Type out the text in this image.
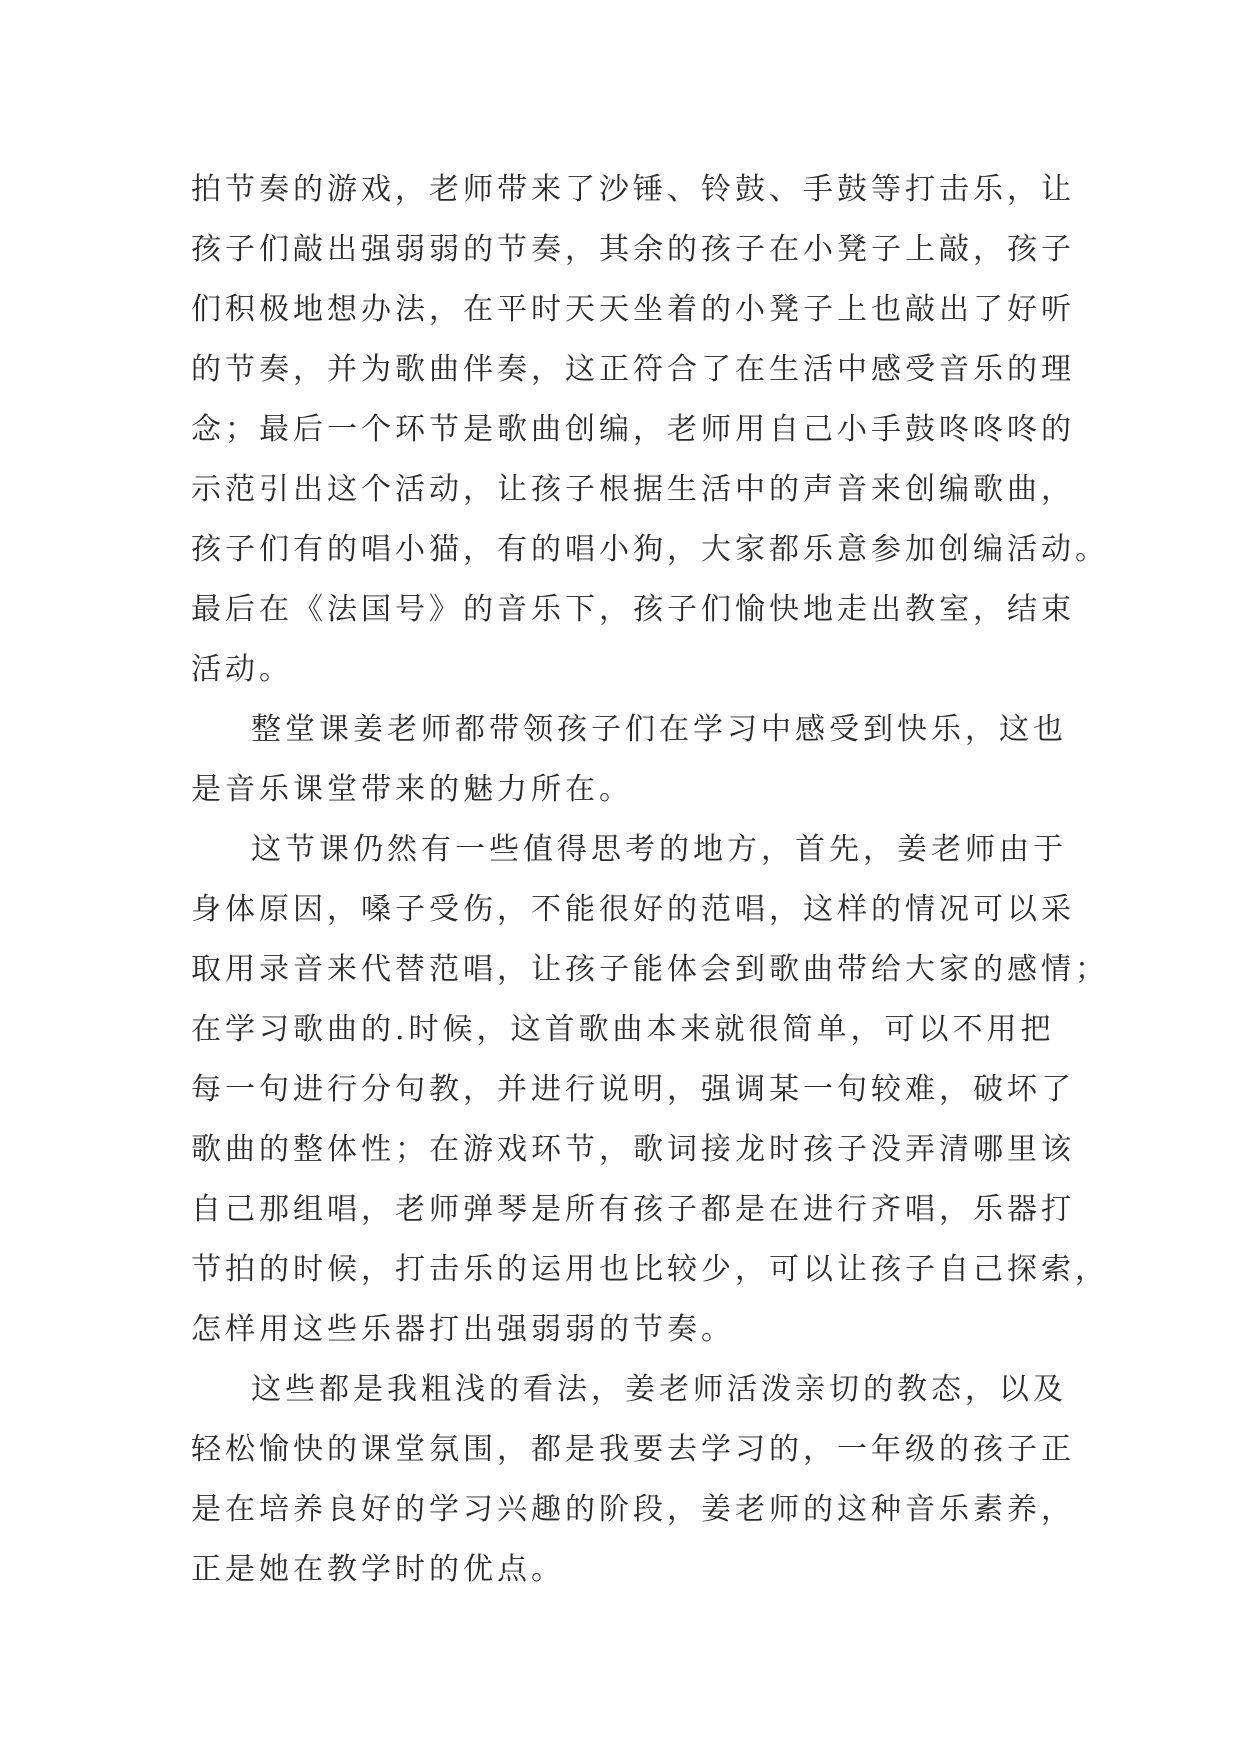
拍节奏的游戏，老师带来了沙锤、铃鼓、手鼓等打击乐，让
孩子们敲出强弱弱的节奏，其余的孩子在小凳子上敲，孩子
们积极地想办法，在平时天天坐着的小凳子上也敲出了好听
的节奏，并为歌曲伴奏，这正符合了在生活中感受音乐的理
念；最后一个环节是歌曲创编，老师用自己小手鼓咚咚咚的
示范引出这个活动，让孩子根据生活中的声音来创编歌曲，
孩子们有的唱小猫，有的唱小狗，大家都乐意参加创编活动。
最后在《法国号》的音乐下，孩子们愉快地走出教室，结束
活动。

整堂课姜老师都带领孩子们在学习中感受到快乐，这也
是音乐课堂带来的魅力所在。

这节课仍然有一些值得思考的地方，首先，姜老师由于
身体原因，嗓子受伤，不能很好的范唱，这样的情况可以采
取用录音来代替范唱，让孩子能体会到歌曲带给大家的感情；
在学习歌曲的.时候，这首歌曲本来就很简单，可以不用把
每一句进行分句教，并进行说明，强调某一句较难，破坏了
歌曲的整体性；在游戏环节，歌词接龙时孩子没弄清哪里该
自己那组唱，老师弹琴是所有孩子都是在进行齐唱，乐器打
节拍的时候，打击乐的运用也比较少，可以让孩子自己探索，
怎样用这些乐器打出强弱弱的节奏。

这些都是我粗浅的看法，姜老师活泼亲切的教态，以及
轻松愉快的课堂氛围，都是我要去学习的，一年级的孩子正
是在培养良好的学习兴趣的阶段，姜老师的这种音乐素养，
正是她在教学时的优点。
